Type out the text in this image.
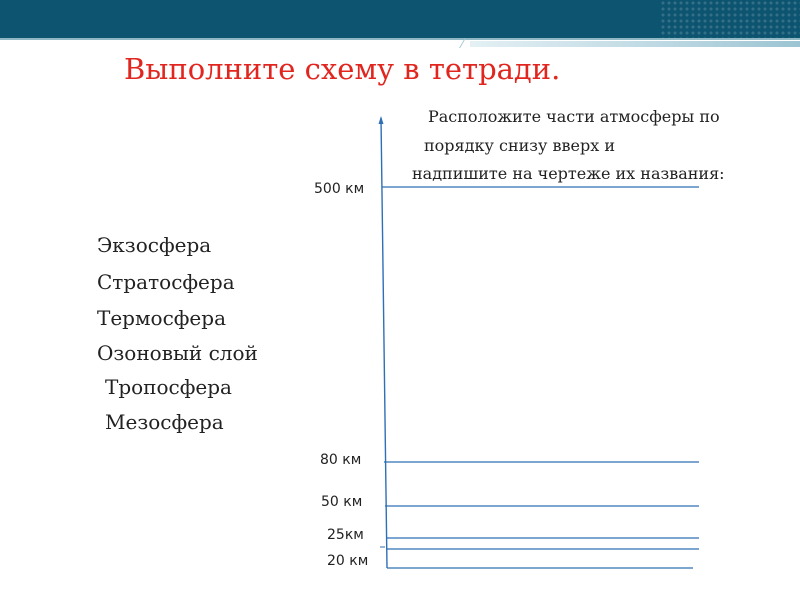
Выполните схему в тетради.
Расположите части атмосферы по
порядку снизу вверх и
надпишите на чертеже их названия:
Экзосфера
Стратосфера
Термосфера
Озоновый слой
Тропосфера
Мезосфера
500 км
80 км
50 км
25км
20 км
